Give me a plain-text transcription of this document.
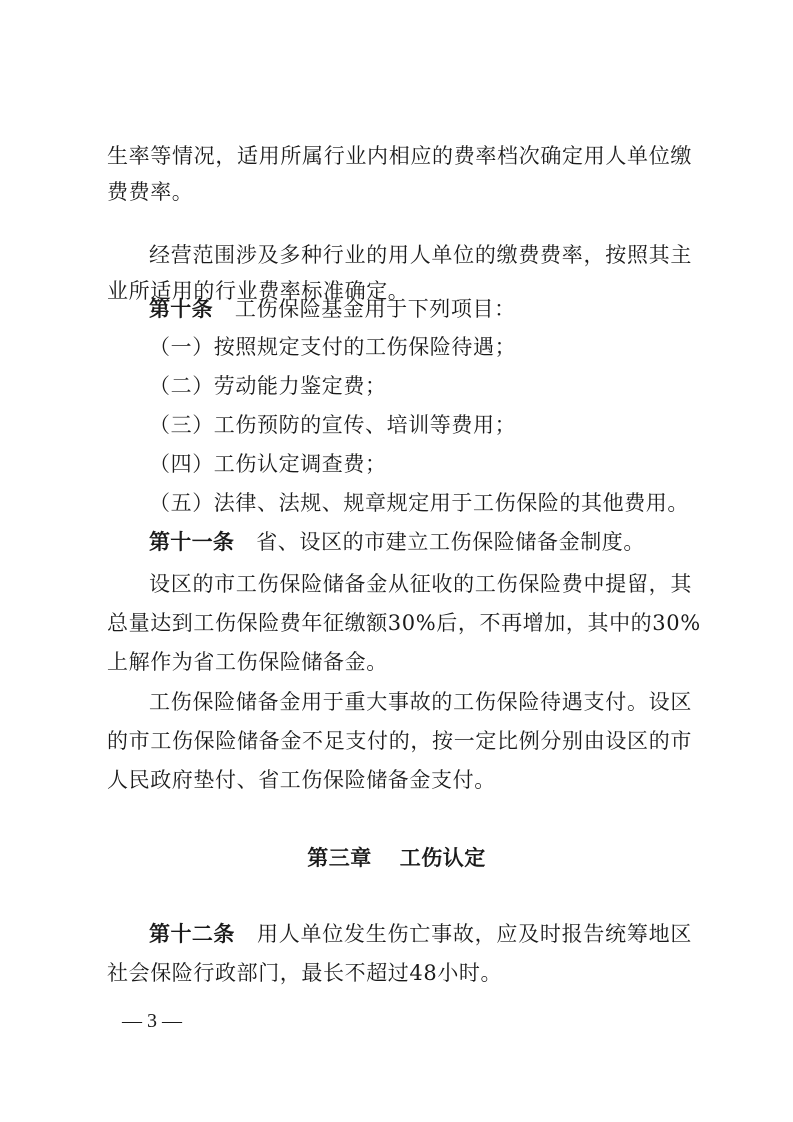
生率等情况，适用所属行业内相应的费率档次确定用人单位缴
费费率。
经营范围涉及多种行业的用人单位的缴费费率，按照其主
业所适用的行业费率标准确定。
第十条 工伤保险基金用于下列项目：
（一）按照规定支付的工伤保险待遇；
（二）劳动能力鉴定费；
（三）工伤预防的宣传、培训等费用；
（四）工伤认定调查费；
（五）法律、法规、规章规定用于工伤保险的其他费用。
第十一条 省、设区的市建立工伤保险储备金制度。
设区的市工伤保险储备金从征收的工伤保险费中提留，其
总量达到工伤保险费年征缴额30%后，不再增加，其中的30%
上解作为省工伤保险储备金。
工伤保险储备金用于重大事故的工伤保险待遇支付。设区
的市工伤保险储备金不足支付的，按一定比例分别由设区的市
人民政府垫付、省工伤保险储备金支付。
第三章 工伤认定
第十二条 用人单位发生伤亡事故，应及时报告统筹地区
社会保险行政部门，最长不超过48小时。
— 3 —
